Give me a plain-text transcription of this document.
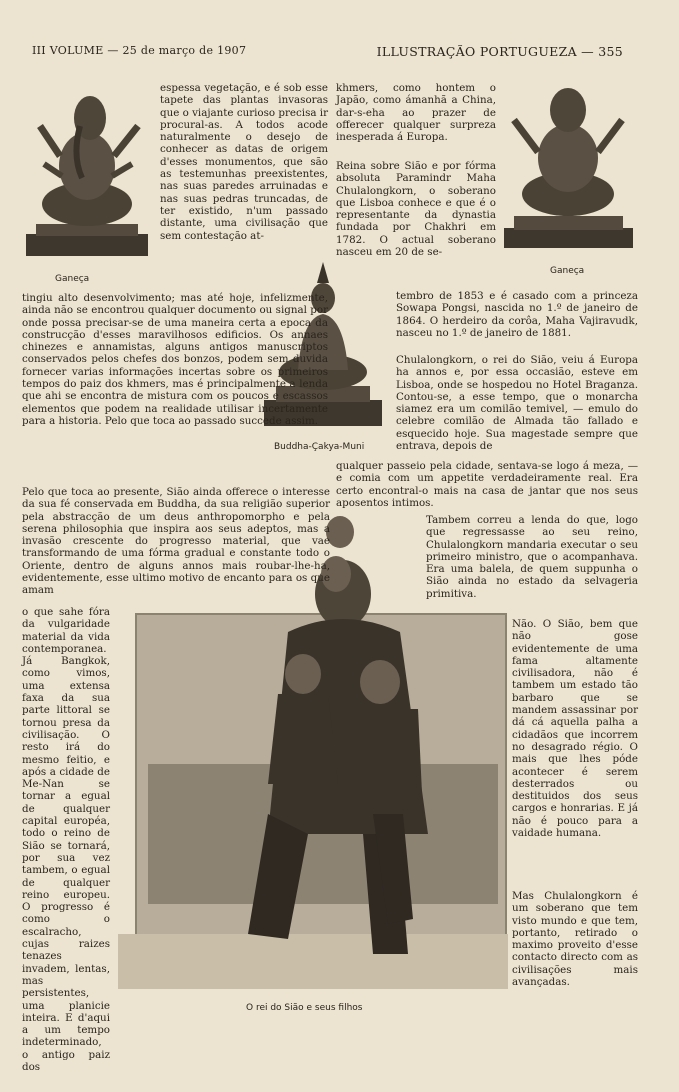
III VOLUME — 25 de março de 1907	ILLUSTRAÇÃO PORTUGUEZA — 355
Ganeça
Ganeça
Buddha-Çakya-Muni
O rei do Sião e seus filhos

espessa vegetação, e é sob esse tapete das plantas invasoras que o viajante curioso precisa ir procural-as. A todos acode naturalmente o desejo de conhecer as datas de origem d'esses monumentos, que são as testemunhas preexistentes, nas suas paredes arruinadas e nas suas pedras truncadas, de ter existido, n'um passado distante, uma civilisação que sem contestação at-

tingiu alto desenvolvimento; mas até hoje, infelizmente, ainda não se encontrou qualquer documento ou signal por onde possa precisar-se de uma maneira certa a epoca da construcção d'esses maravilhosos edificios. Os annaes chinezes e annamistas, alguns antigos manuscriptos conservados pelos chefes dos bonzos, podem sem duvida fornecer varias informações incertas sobre os primeiros tempos do paiz dos khmers, mas é principalmente a lenda que ahi se encontra de mistura com os poucos e escassos elementos que podem na realidade utilisar incertamente para a historia. Pelo que toca ao passado succede assim.

Pelo que toca ao presente, Sião ainda offerece o interesse da sua fé conservada em Buddha, da sua religião superior pela abstracção de um deus anthropomorpho e pela serena philosophia que inspira aos seus adeptos, mas a invasão crescente do progresso material, que vae transformando de uma fórma gradual e constante todo o Oriente, dentro de alguns annos mais roubar-lhe-ha, evidentemente, esse ultimo motivo de encanto para os que amam

o que sahe fóra da vulgaridade material da vida contemporanea. Já Bangkok, como vimos, uma extensa faxa da sua parte littoral se tornou presa da civilisação. O resto irá do mesmo feitio, e após a cidade de Me-Nan se tornar a egual de qualquer capital européa, todo o reino de Sião se tornará, por sua vez tambem, o egual de qualquer reino europeu. O progresso é como o escalracho, cujas raizes tenazes invadem, lentas, mas persistentes, uma planicie inteira. E d'aqui a um tempo indeterminado, o antigo paiz dos

khmers, como hontem o Japão, como ámanhã a China, dar-s-eha ao prazer de offerecer qualquer surpreza inesperada á Europa.

Reina sobre Sião e por fórma absoluta Paramindr Maha Chulalongkorn, o soberano que Lisboa conhece e que é o representante da dynastia fundada por Chakhri em 1782. O actual soberano nasceu em 20 de se-

tembro de 1853 e é casado com a princeza Sowapa Pongsi, nascida no 1.º de janeiro de 1864. O herdeiro da corôa, Maha Vajiravudk, nasceu no 1.º de janeiro de 1881.

Chulalongkorn, o rei do Sião, veiu á Europa ha annos e, por essa occasião, esteve em Lisboa, onde se hospedou no Hotel Braganza. Contou-se, a esse tempo, que o monarcha siamez era um comilão temivel, — emulo do celebre comilão de Almada tão fallado e esquecido hoje. Sua magestade sempre que entrava, depois de

qualquer passeio pela cidade, sentava-se logo á meza, — e comia com um appetite verdadeiramente real. Era certo encontral-o mais na casa de jantar que nos seus aposentos intimos.

Tambem correu a lenda do que, logo que regressasse ao seu reino, Chulalongkorn mandaria executar o seu primeiro ministro, que o acompanhava. Era uma balela, de quem suppunha o Sião ainda no estado da selvageria primitiva.

Não. O Sião, bem que não gose evidentemente de uma fama altamente civilisadora, não é tambem um estado tão barbaro que se mandem assassinar por dá cá aquella palha a cidadãos que incorrem no desagrado régio. O mais que lhes póde acontecer é serem desterrados ou destituidos dos seus cargos e honrarias. E já não é pouco para a vaidade humana.

Mas Chulalongkorn é um soberano que tem visto mundo e que tem, portanto, retirado o maximo proveito d'esse contacto directo com as civilisações mais avançadas.
